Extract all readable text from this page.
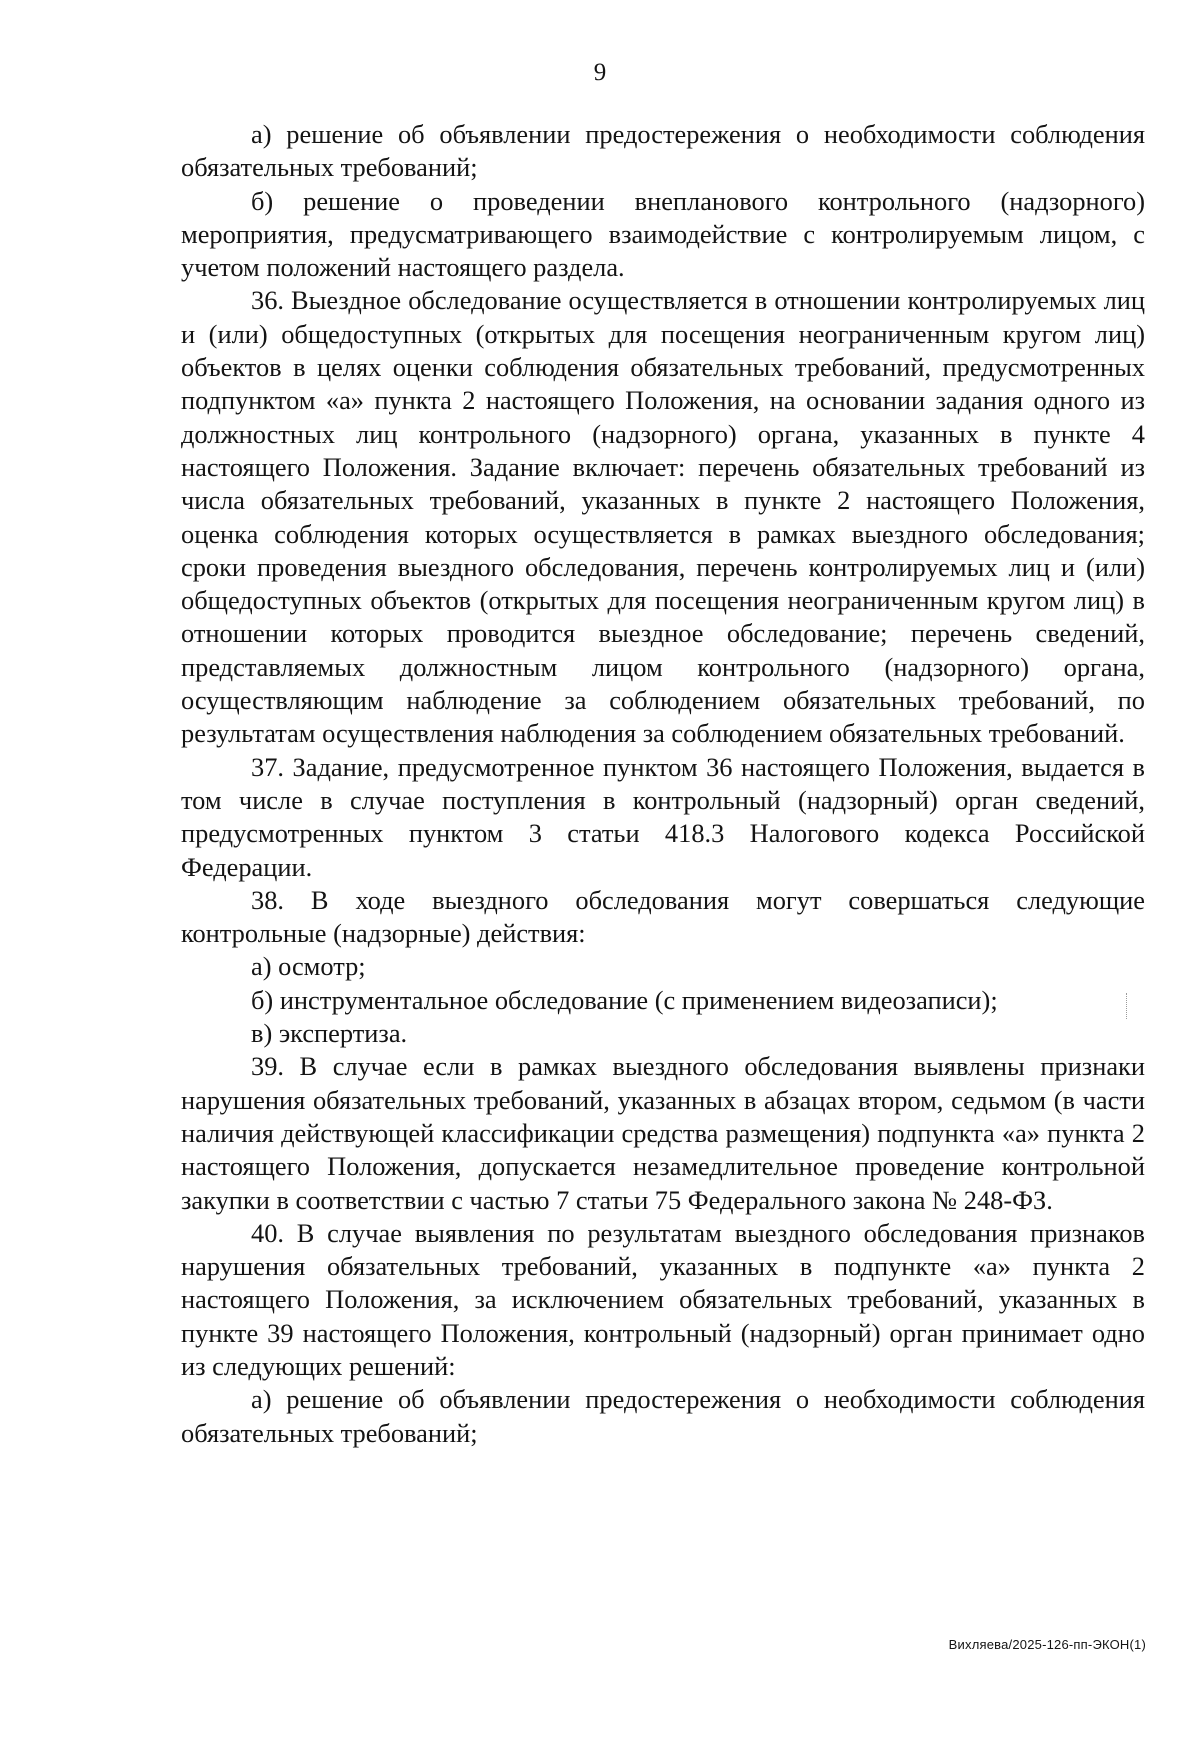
9

а) решение об объявлении предостережения о необходимости соблюдения обязательных требований;

б) решение о проведении внепланового контрольного (надзорного) мероприятия, предусматривающего взаимодействие с контролируемым лицом, с учетом положений настоящего раздела.

36. Выездное обследование осуществляется в отношении контролируемых лиц и (или) общедоступных (открытых для посещения неограниченным кругом лиц) объектов в целях оценки соблюдения обязательных требований, предусмотренных подпунктом «а» пункта 2 настоящего Положения, на основании задания одного из должностных лиц контрольного (надзорного) органа, указанных в пункте 4 настоящего Положения. Задание включает: перечень обязательных требований из числа обязательных требований, указанных в пункте 2 настоящего Положения, оценка соблюдения которых осуществляется в рамках выездного обследования; сроки проведения выездного обследования, перечень контролируемых лиц и (или) общедоступных объектов (открытых для посещения неограниченным кругом лиц) в отношении которых проводится выездное обследование; перечень сведений, представляемых должностным лицом контрольного (надзорного) органа, осуществляющим наблюдение за соблюдением обязательных требований, по результатам осуществления наблюдения за соблюдением обязательных требований.

37. Задание, предусмотренное пунктом 36 настоящего Положения, выдается в том числе в случае поступления в контрольный (надзорный) орган сведений, предусмотренных пунктом 3 статьи 418.3 Налогового кодекса Российской Федерации.

38. В ходе выездного обследования могут совершаться следующие контрольные (надзорные) действия:

а) осмотр;

б) инструментальное обследование (с применением видеозаписи);

в) экспертиза.

39. В случае если в рамках выездного обследования выявлены признаки нарушения обязательных требований, указанных в абзацах втором, седьмом (в части наличия действующей классификации средства размещения) подпункта «а» пункта 2 настоящего Положения, допускается незамедлительное проведение контрольной закупки в соответствии с частью 7 статьи 75 Федерального закона № 248-ФЗ.

40. В случае выявления по результатам выездного обследования признаков нарушения обязательных требований, указанных в подпункте «а» пункта 2 настоящего Положения, за исключением обязательных требований, указанных в пункте 39 настоящего Положения, контрольный (надзорный) орган принимает одно из следующих решений:

а) решение об объявлении предостережения о необходимости соблюдения обязательных требований;

Вихляева/2025-126-пп-ЭКОН(1)
